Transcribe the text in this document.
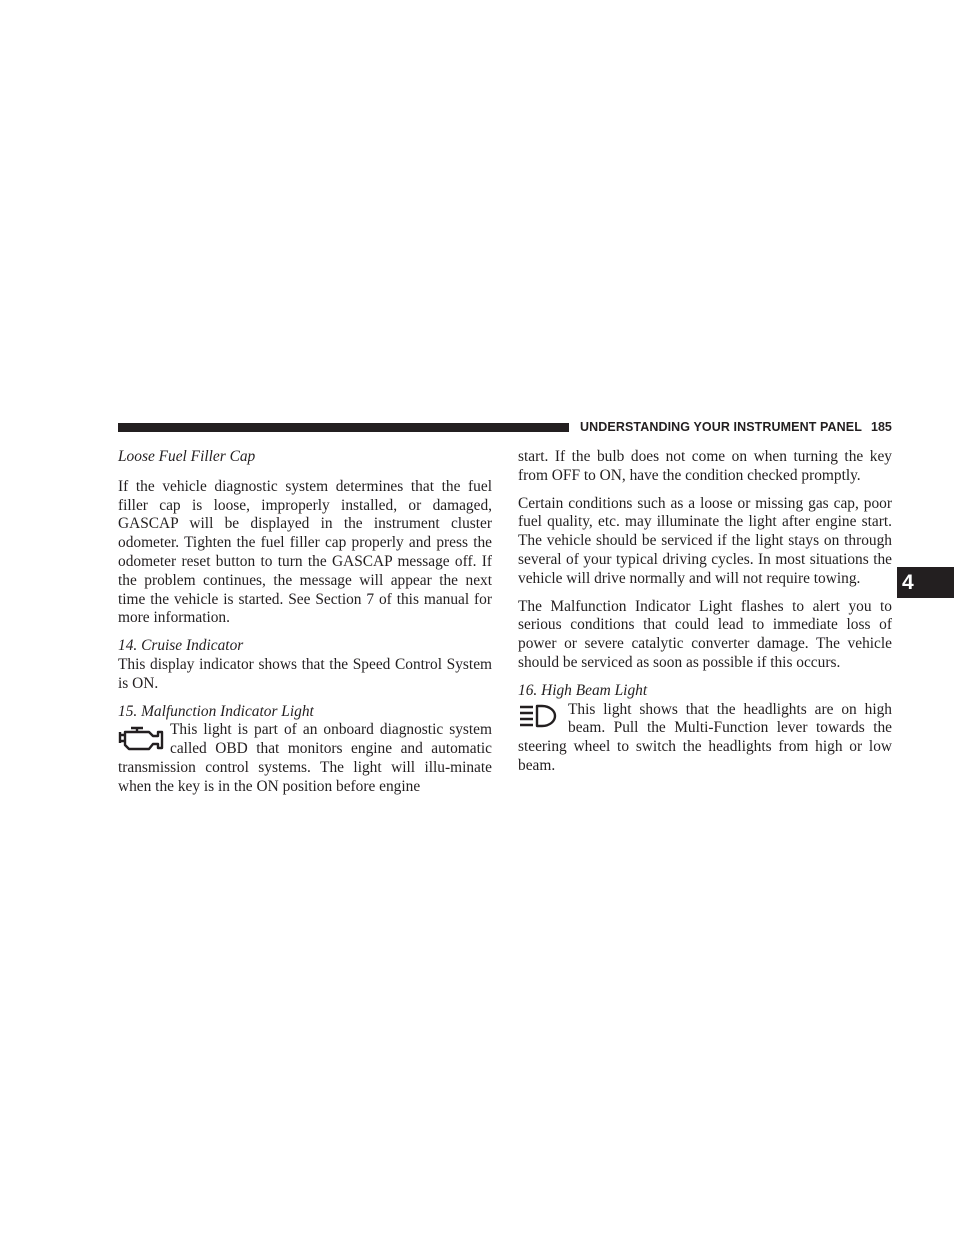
UNDERSTANDING YOUR INSTRUMENT PANEL 185
4
Loose Fuel Filler Cap

If the vehicle diagnostic system determines that the fuel filler cap is loose, improperly installed, or damaged, GASCAP will be displayed in the instrument cluster odometer. Tighten the fuel filler cap properly and press the odometer reset button to turn the GASCAP message off. If the problem continues, the message will appear the next time the vehicle is started. See Section 7 of this manual for more information.

14. Cruise Indicator

This display indicator shows that the Speed Control System is ON.

15. Malfunction Indicator Light

This light is part of an onboard diagnostic system called OBD that monitors engine and automatic transmission control systems. The light will illu-minate when the key is in the ON position before engine

start. If the bulb does not come on when turning the key from OFF to ON, have the condition checked promptly.

Certain conditions such as a loose or missing gas cap, poor fuel quality, etc. may illuminate the light after engine start. The vehicle should be serviced if the light stays on through several of your typical driving cycles. In most situations the vehicle will drive normally and will not require towing.

The Malfunction Indicator Light flashes to alert you to serious conditions that could lead to immediate loss of power or severe catalytic converter damage. The vehicle should be serviced as soon as possible if this occurs.

16. High Beam Light

This light shows that the headlights are on high beam. Pull the Multi-Function lever towards the steering wheel to switch the headlights from high or low beam.
